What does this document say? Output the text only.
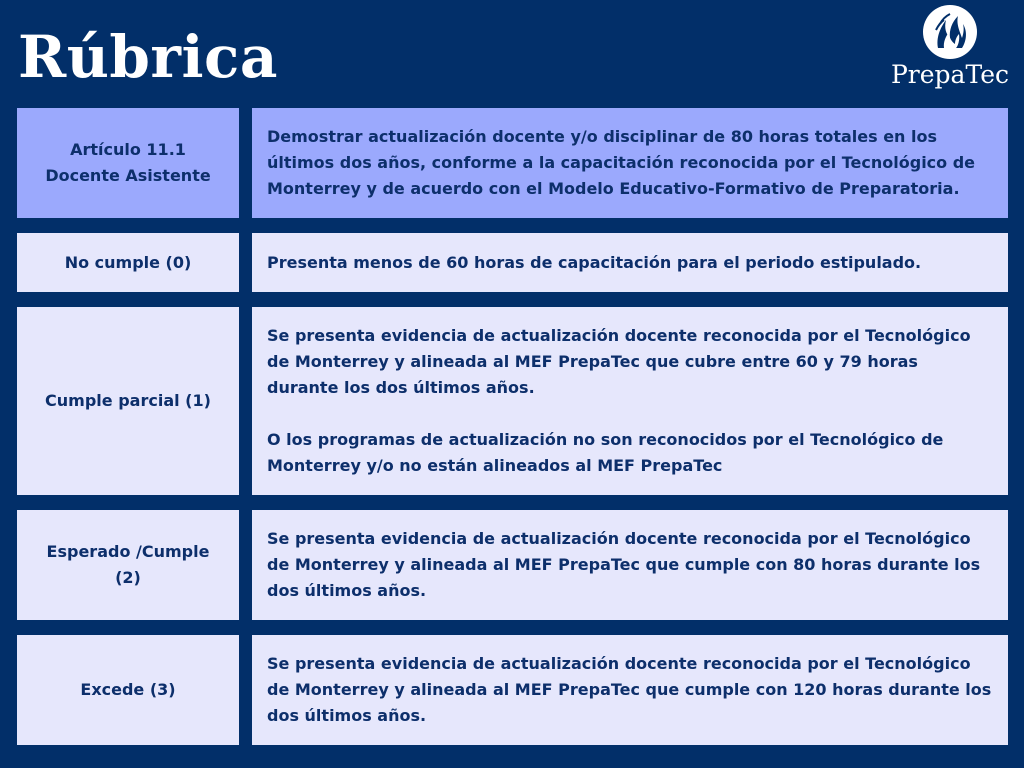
Rúbrica	PrepaTec

Artículo 11.1

Docente Asistente

Demostrar actualización docente y/o disciplinar de 80 horas totales en los últimos dos años, conforme a la capacitación reconocida por el Tecnológico de Monterrey y de acuerdo con el Modelo Educativo-Formativo de Preparatoria.

No cumple (0)	Presenta menos de 60 horas de capacitación para el periodo estipulado.

Cumple parcial (1)

Se presenta evidencia de actualización docente reconocida por el Tecnológico de Monterrey y alineada al MEF PrepaTec que cubre entre 60 y 79 horas durante los dos últimos años.

O los programas de actualización no son reconocidos por el Tecnológico de Monterrey y/o no están alineados al MEF PrepaTec

Esperado /Cumple

(2)

Se presenta evidencia de actualización docente reconocida por el Tecnológico de Monterrey y alineada al MEF PrepaTec que cumple con 80 horas durante los dos últimos años.

Excede (3)

Se presenta evidencia de actualización docente reconocida por el Tecnológico de Monterrey y alineada al MEF PrepaTec que cumple con 120 horas durante los dos últimos años.
